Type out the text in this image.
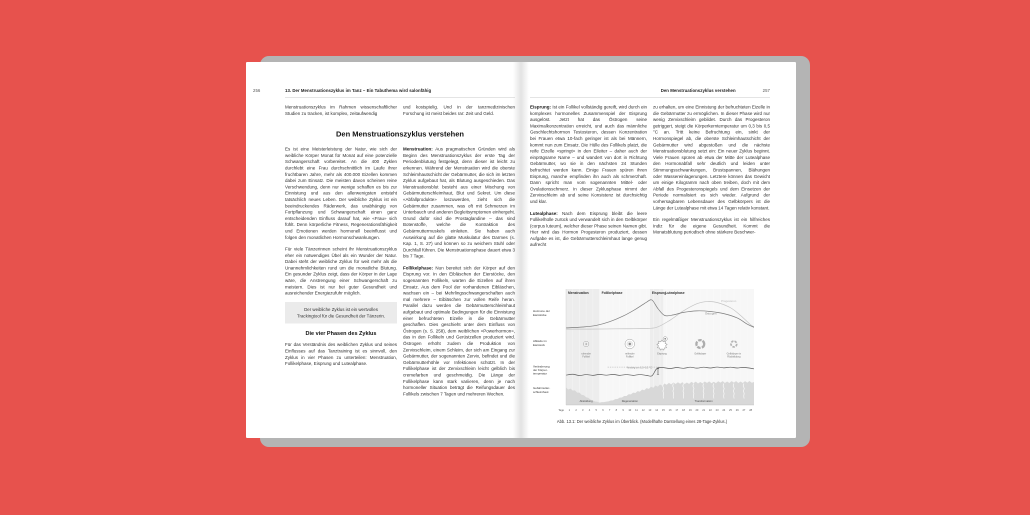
256	13. Der Menstruationszyklus im Tanz – Ein Tabuthema wird salonfähig

Menstruationszyklus im Rahmen wissenschaftlicher Studien zu tracken, ist komplex, zeitaufwendig

und kostspielig. Und in der tanzmedizinischen Forschung ist meist beides rar: Zeit und Geld.

Den Menstruationszyklus verstehen

Es ist eine Meisterleistung der Natur, wie sich der weibliche Körper Monat für Monat auf eine potenzielle Schwangerschaft vorbereitet. An die 400 Zyklen durchlebt eine Frau durchschnittlich im Laufe ihrer fruchtbaren Jahre, mehr als 400.000 Eizellen kommen dabei zum Einsatz. Die meisten davon scheinen reine Verschwendung, denn nur wenige schaffen es bis zur Einnistung und aus den allerwenigsten entsteht tatsächlich neues Leben. Der weibliche Zyklus ist ein beeindruckendes Räderwerk, das unabhängig von Fortpflanzung und Schwangerschaft einen ganz entscheidenden Einfluss darauf hat, wie «Frau» sich fühlt. Denn körperliche Fitness, Regenerationsfähigkeit und Emotionen werden hormonell beeinflusst und folgen den monatlichen Hormonschwankungen.

Für viele Tänzerinnen scheint ihr Menstruationszyklus eher ein notwendiges Übel als ein Wunder der Natur. Dabei steht der weibliche Zyklus für weit mehr als die Unannehmlichkeiten rund um die monatliche Blutung. Ein gesunder Zyklus zeigt, dass der Körper in der Lage wäre, die Anstrengung einer Schwangerschaft zu meistern. Dies ist nur bei guter Gesundheit und ausreichender Energiezufuhr möglich.

Der weibliche Zyklus ist ein wertvolles Trackingtool für die Gesundheit der Tänzerin.
Die vier Phasen des Zyklus

Für das Verständnis des weiblichen Zyklus und seines Einflusses auf das Tanztraining ist es sinnvoll, den Zyklus in vier Phasen zu unterteilen: Menstruation, Follikelphase, Eisprung und Lutealphase.

Menstruation: Aus pragmatischen Gründen wird als Beginn des Menstruationszyklus der erste Tag der Periodenblutung festgelegt, denn dieser ist leicht zu erkennen. Während der Menstruation wird die oberste Schleimhautschicht der Gebärmutter, die sich im letzten Zyklus aufgebaut hat, als Blutung ausgeschieden. Das Menstruationsblut besteht aus einer Mischung von Gebärmutterschleimhaut, Blut und Sekret. Um diese «Abfallprodukte» loszuwerden, zieht sich die Gebärmutter zusammen, was oft mit Schmerzen im Unterbauch und anderen Begleitsymptomen einhergeht. Grund dafür sind die Prostaglandine – das sind Botenstoffe, welche die Kontraktion des Gebärmuttermuskels einleiten. Sie haben auch Auswirkung auf die glatte Muskulatur des Darmes (s. Kap. 1, S. 27) und können so zu weichem Stuhl oder Durchfall führen. Die Menstruationsphase dauert etwa 3 bis 7 Tage.

Follikelphase: Nun bereitet sich der Körper auf den Eisprung vor. In den Eibläschen der Eierstöcke, den sogenannten Follikeln, warten die Eizellen auf ihren Einsatz. Aus dem Pool der vorhandenen Eibläschen, wachsen ein – bei Mehrlingsschwangerschaften auch mal mehrere – Eibläschen zur vollen Reife heran. Parallel dazu werden die Gebärmutterschleimhaut aufgebaut und optimale Bedingungen für die Einnistung einer befruchteten Eizelle in die Gebärmutter geschaffen. Dies geschieht unter dem Einfluss von Östrogen (s. S. 258), dem weiblichen «Powerhormon», das in den Follikeln und Gerüstzellen produziert wird. Östrogen erhöht zudem die Produktion von Zervixschleim, einem Schleim, der sich am Eingang zur Gebärmutter, der sogenannten Zervix, befindet und die Gebärmutterhöhle vor Infektionen schützt. In der Follikelphase ist der Zervixschleim leicht gelblich bis cremefarben und geschmeidig. Die Länge der Follikelphase kann stark variieren, denn je nach hormoneller Situation beträgt die Reifungsdauer des Follikels zwischen 7 Tagen und mehreren Wochen.

Den Menstruationszyklus verstehen	257

Eisprung: Ist ein Follikel vollständig gereift, wird durch ein komplexes hormonelles Zusammenspiel der Eisprung ausgelöst. Jetzt hat das Östrogen seine Maximalkonzentration erreicht, und auch das männliche Geschlechtshormon Testosteron, dessen Konzentration bei Frauen etwa 10-fach geringer ist als bei Männern, kommt nun zum Einsatz. Die Hülle des Follikels platzt, die reife Eizelle «springt» in den Eileiter – daher auch der einprägsame Name – und wandert von dort in Richtung Gebärmutter, wo sie in den nächsten 24 Stunden befruchtet werden kann. Einige Frauen spüren ihren Eisprung, manche empfinden ihn auch als schmerzhaft. Dann spricht man vom sogenannten Mittel- oder Ovulationsschmerz. In dieser Zyklusphase nimmt der Zervixschleim ab und seine Konsistenz ist durchsichtig und klar.

Lutealphase: Nach dem Eisprung bleibt die leere Follikelhülle zurück und verwandelt sich in den Gelbkörper (corpus luteum), welcher dieser Phase seinen Namen gibt. Hier wird das Hormon Progesteron produziert, dessen Aufgabe es ist, die Gebärmutterschleimhaut lange genug aufrecht

zu erhalten, um eine Einnistung der befruchteten Eizelle in die Gebärmutter zu ermöglichen. In dieser Phase wird nur wenig Zervixschleim gebildet. Durch das Progesteron getriggert, steigt die Körperkerntemperatur um 0,3 bis 0,5 °C an. Tritt keine Befruchtung ein, sinkt der Hormonspiegel ab, die oberste Schleimhautschicht der Gebärmutter wird abgestoßen und die nächste Menstruationsblutung setzt ein: Ein neuer Zyklus beginnt. Viele Frauen spüren ab etwa der Mitte der Lutealphase den Hormonabfall sehr deutlich und leiden unter Stimmungsschwankungen, Brustspannen, Blähungen oder Wassereinlagerungen. Letztere können das Gewicht um einige Kilogramm nach oben treiben, doch mit dem Abfall des Progesteronspiegels und dem Einsetzen der Periode normalisiert es sich wieder. Aufgrund der vorhersagbaren Lebensdauer des Gelbkörpers ist die Länge der Lutealphase mit etwa 14 Tagen relativ konstant.

Ein regelmäßiger Menstruationszyklus ist ein hilfreiches Indiz für die eigene Gesundheit. Kommt die Monatsblutung periodisch ohne stärkere Beschwer-

Menstruation	Follikelphase	Eisprung Lutealphase
Abstoßung	Regeneration	Transformation
Progesteron
Östrogen
ruhender
Follikel
reifender
Follikel
Eisprung	Gelbkörper	Gelbkörper in
Rückbildung
Anstieg um 0,3–0,5 °C
Tage 1 2 3 4 5 6 7 8 9 10 11 12 13 14 15 16 17 18 19 20 21 22 23 24 25 26 27 28
Hormone der Eierstöcke
Abläufe im Eierstock
Veränderung der Körper-temperatur
Gebärmutter-schleimhaut
Abb. 13.1: Der weibliche Zyklus im Überblick. (Modellhafte Darstellung eines 28-Tage-Zyklus.)
